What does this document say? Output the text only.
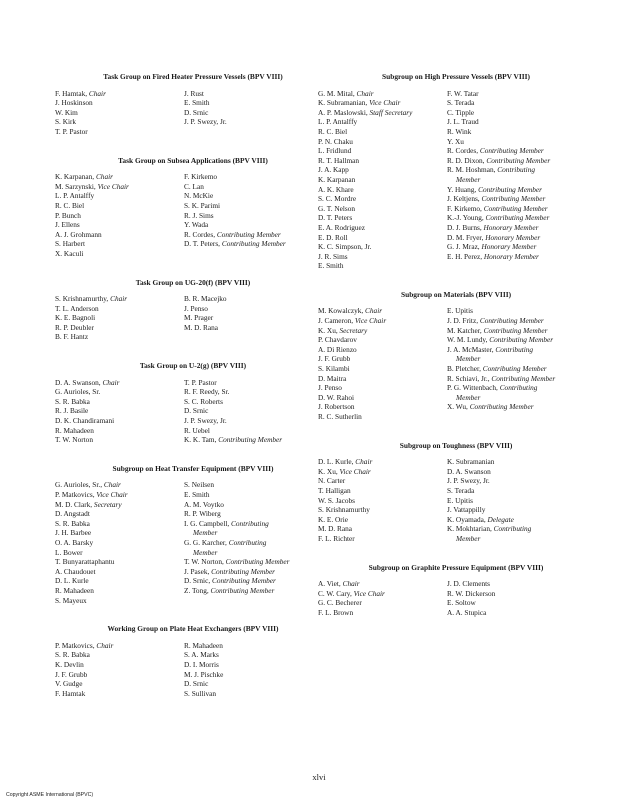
Task Group on Fired Heater Pressure Vessels (BPV VIII)
F. Hamtak, Chair
J. Hoskinson
W. Kim
S. Kirk
T. P. Pastor
J. Rust
E. Smith
D. Srnic
J. P. Swezy, Jr.
Task Group on Subsea Applications (BPV VIII)
K. Karpanan, Chair
M. Sarzynski, Vice Chair
L. P. Antalffy
R. C. Biel
P. Bunch
J. Ellens
A. J. Grohmann
S. Harbert
X. Kaculi
F. Kirkemo
C. Lan
N. McKie
S. K. Parimi
R. J. Sims
Y. Wada
R. Cordes, Contributing Member
D. T. Peters, Contributing Member
Task Group on UG-20(f) (BPV VIII)
S. Krishnamurthy, Chair
T. L. Anderson
K. E. Bagnoli
R. P. Deubler
B. F. Hantz
B. R. Macejko
J. Penso
M. Prager
M. D. Rana
Task Group on U-2(g) (BPV VIII)
D. A. Swanson, Chair
G. Aurioles, Sr.
S. R. Babka
R. J. Basile
D. K. Chandiramani
R. Mahadeen
T. W. Norton
T. P. Pastor
R. F. Reedy, Sr.
S. C. Roberts
D. Srnic
J. P. Swezy, Jr.
R. Uebel
K. K. Tam, Contributing Member
Subgroup on Heat Transfer Equipment (BPV VIII)
G. Aurioles, Sr., Chair
P. Matkovics, Vice Chair
M. D. Clark, Secretary
D. Angstadt
S. R. Babka
J. H. Barbee
O. A. Barsky
L. Bower
T. Bunyarattaphantu
A. Chaudouet
D. L. Kurle
R. Mahadeen
S. Mayeux
S. Neilsen
E. Smith
A. M. Voytko
R. P. Wiberg
I. G. Campbell, Contributing
Member
G. G. Karcher, Contributing
Member
T. W. Norton, Contributing Member
J. Pasek, Contributing Member
D. Srnic, Contributing Member
Z. Tong, Contributing Member
Working Group on Plate Heat Exchangers (BPV VIII)
P. Matkovics, Chair
S. R. Babka
K. Devlin
J. F. Grubb
V. Gudge
F. Hamtak
R. Mahadeen
S. A. Marks
D. I. Morris
M. J. Pischke
D. Srnic
S. Sullivan
Subgroup on High Pressure Vessels (BPV VIII)
G. M. Mital, Chair
K. Subramanian, Vice Chair
A. P. Maslowski, Staff Secretary
L. P. Antalffy
R. C. Biel
P. N. Chaku
L. Fridlund
R. T. Hallman
J. A. Kapp
K. Karpanan
A. K. Khare
S. C. Mordre
G. T. Nelson
D. T. Peters
E. A. Rodriguez
E. D. Roll
K. C. Simpson, Jr.
J. R. Sims
E. Smith
F. W. Tatar
S. Terada
C. Tipple
J. L. Traud
R. Wink
Y. Xu
R. Cordes, Contributing Member
R. D. Dixon, Contributing Member
R. M. Hoshman, Contributing
Member
Y. Huang, Contributing Member
J. Keltjens, Contributing Member
F. Kirkemo, Contributing Member
K.-J. Young, Contributing Member
D. J. Burns, Honorary Member
D. M. Fryer, Honorary Member
G. J. Mraz, Honorary Member
E. H. Perez, Honorary Member
Subgroup on Materials (BPV VIII)
M. Kowalczyk, Chair
J. Cameron, Vice Chair
K. Xu, Secretary
P. Chavdarov
A. Di Rienzo
J. F. Grubb
S. Kilambi
D. Maitra
J. Penso
D. W. Rahoi
J. Robertson
R. C. Sutherlin
E. Upitis
J. D. Fritz, Contributing Member
M. Katcher, Contributing Member
W. M. Lundy, Contributing Member
J. A. McMaster, Contributing
Member
B. Pletcher, Contributing Member
R. Schiavi, Jr., Contributing Member
P. G. Wittenbach, Contributing
Member
X. Wu, Contributing Member
Subgroup on Toughness (BPV VIII)
D. L. Kurle, Chair
K. Xu, Vice Chair
N. Carter
T. Halligan
W. S. Jacobs
S. Krishnamurthy
K. E. Orie
M. D. Rana
F. L. Richter
K. Subramanian
D. A. Swanson
J. P. Swezy, Jr.
S. Terada
E. Upitis
J. Vattappilly
K. Oyamada, Delegate
K. Mokhtarian, Contributing
Member
Subgroup on Graphite Pressure Equipment (BPV VIII)
A. Viet, Chair
C. W. Cary, Vice Chair
G. C. Becherer
F. L. Brown
J. D. Clements
R. W. Dickerson
E. Soltow
A. A. Stupica
xlvi
Copyright ASME International (BPVC)
